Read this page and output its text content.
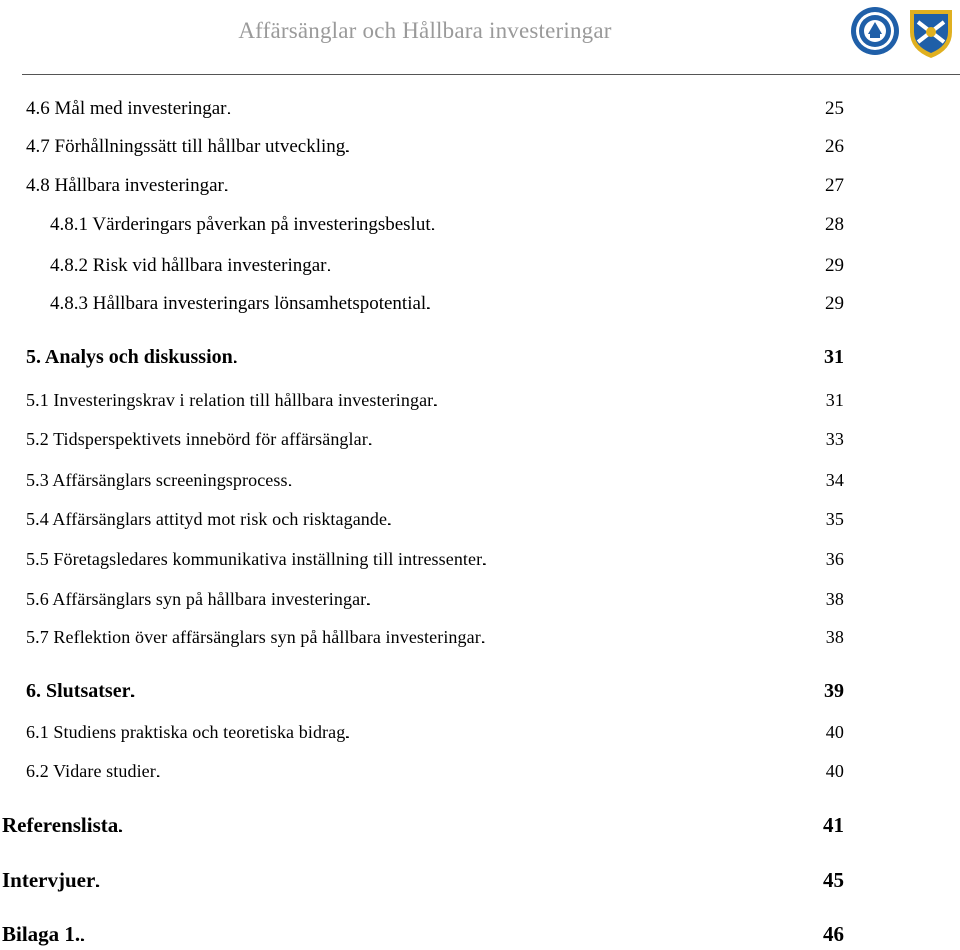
Affärsänglar och Hållbara investeringar
4.6 Mål med investeringar . . .	25
4.7 Förhållningssätt till hållbar utveckling . . .	26
4.8 Hållbara investeringar . . .	27
4.8.1 Värderingars påverkan på investeringsbeslut . . .	28
4.8.2 Risk vid hållbara investeringar . . .	29
4.8.3 Hållbara investeringars lönsamhetspotential . . .	29
5. Analys och diskussion . . .	31
5.1 Investeringskrav i relation till hållbara investeringar . . .	31
5.2 Tidsperspektivets innebörd för affärsänglar . . .	33
5.3 Affärsänglars screeningsprocess . . .	34
5.4 Affärsänglars attityd mot risk och risktagande . . .	35
5.5 Företagsledares kommunikativa inställning till intressenter . . .	36
5.6 Affärsänglars syn på hållbara investeringar . . .	38
5.7 Reflektion över affärsänglars syn på hållbara investeringar . . .	38
6. Slutsatser . . .	39
6.1 Studiens praktiska och teoretiska bidrag . . .	40
6.2 Vidare studier . . .	40
Referenslista . . .	41
Intervjuer . . .	45
Bilaga 1. . . .	46
